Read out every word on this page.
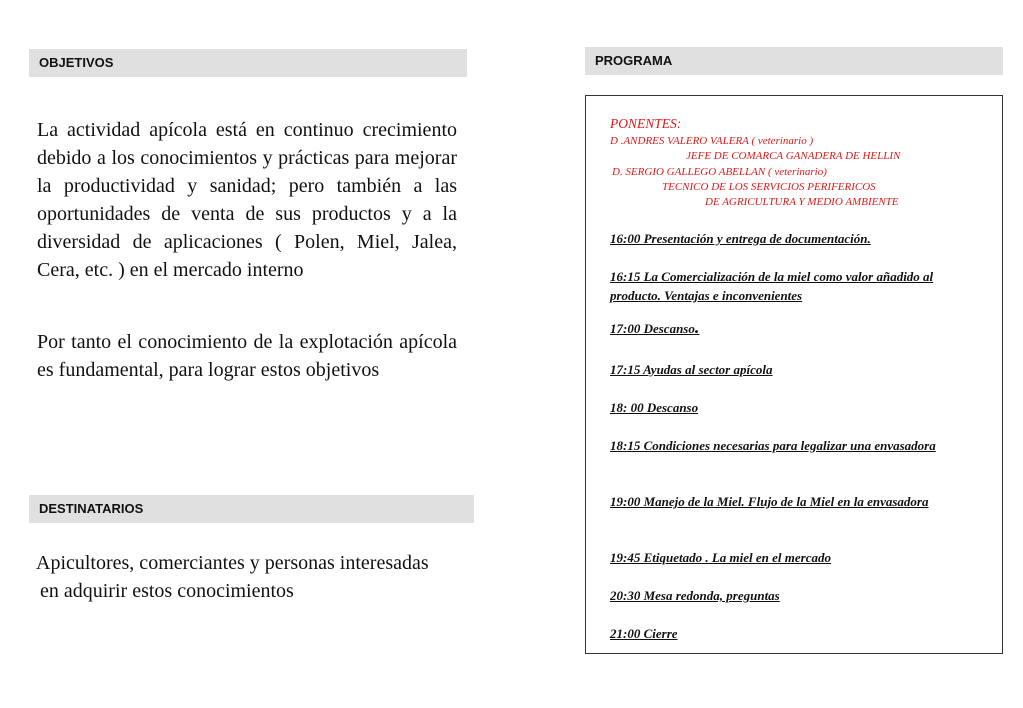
OBJETIVOS
La actividad apícola está en continuo crecimiento debido a los conocimientos y prácticas para mejorar la productividad y sanidad; pero también a las oportunidades de venta de sus productos y a la diversidad de aplicaciones ( Polen, Miel, Jalea, Cera, etc. ) en el mercado interno
Por tanto el conocimiento de la explotación apícola es fundamental, para lograr estos objetivos
DESTINATARIOS
Apicultores, comerciantes y personas interesadas
en adquirir estos conocimientos
PROGRAMA
PONENTES:
D .ANDRES VALERO VALERA ( veterinario )
JEFE DE COMARCA GANADERA DE HELLIN
D. SERGIO GALLEGO ABELLAN ( veterinario)
TECNICO DE LOS SERVICIOS PERIFERICOS
DE AGRICULTURA Y MEDIO AMBIENTE
16:00 Presentación y entrega de documentación.
16:15 La Comercialización de la miel como valor añadido al producto. Ventajas e inconvenientes
17:00 Descanso.
17:15 Ayudas al sector apícola
18: 00 Descanso
18:15 Condiciones necesarias para legalizar una envasadora
19:00 Manejo de la Miel. Flujo de la Miel en la envasadora
19:45 Etiquetado . La miel en el mercado
20:30 Mesa redonda, preguntas
21:00 Cierre
